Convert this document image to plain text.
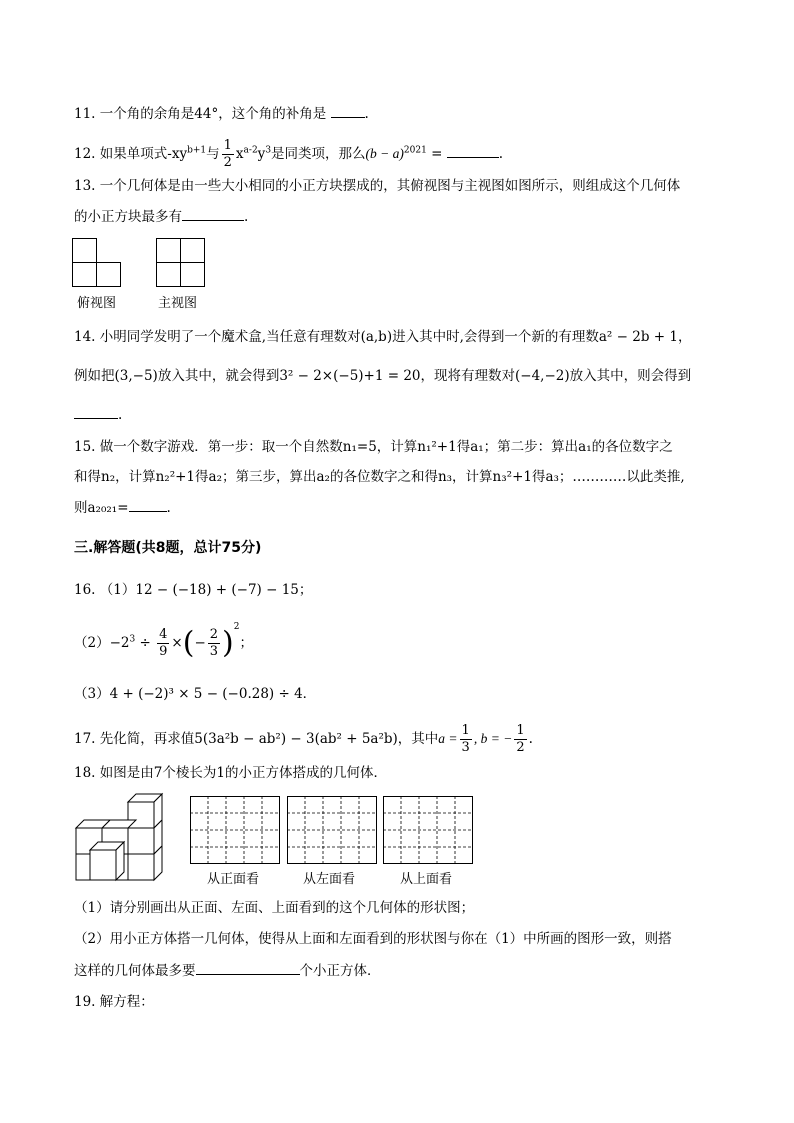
11. 一个角的余角是44°，这个角的补角是	.
12. 如果单项式$-xy^{b+1}$与 $\frac{1}{2} x^{a-2}y^3$是同类项，那么$(b - a)^{2021}$ =	.
13. 一个几何体是由一些大小相同的小正方块摆成的，其俯视图与主视图如图所示，则组成这个几何体
的小正方块最多有	.
俯视图	主视图
14. 小明同学发明了一个魔术盒,当任意有理数对(a,b)进入其中时,会得到一个新的有理数a² − 2b + 1，
例如把(3,−5)放入其中，就会得到3² − 2×(−5)+1 = 20，现将有理数对(−4,−2)放入其中，则会得到
.
15. 做一个数字游戏．第一步：取一个自然数n₁=5，计算n₁²+1得a₁；第二步：算出a₁的各位数字之
和得n₂，计算n₂²+1得a₂；第三步，算出a₂的各位数字之和得n₃，计算n₃²+1得a₃；…………以此类推,
则a₂₀₂₁=	.
三.解答题(共8题，总计75分)
16. （1）12 − (−18) + (−7) − 15；
$(2)-2^3 \div \frac{4}{9}$ ×(− $\frac{2}{3} )^2$；
（3）4 + (−2)³ × 5 − (−0.28) ÷ 4．
17. 先化简，再求值5(3a²b − ab²) − 3(ab² + 5a²b)，其中$a = \frac{1}{3}$ , b = − $\frac{1}{2}$ .
18. 如图是由7个棱长为1的小正方体搭成的几何体．
从正面看	从左面看	从上面看
（1）请分别画出从正面、左面、上面看到的这个几何体的形状图；
（2）用小正方体搭一几何体，使得从上面和左面看到的形状图与你在（1）中所画的图形一致，则搭
这样的几何体最多要	个小正方体．
19. 解方程：
